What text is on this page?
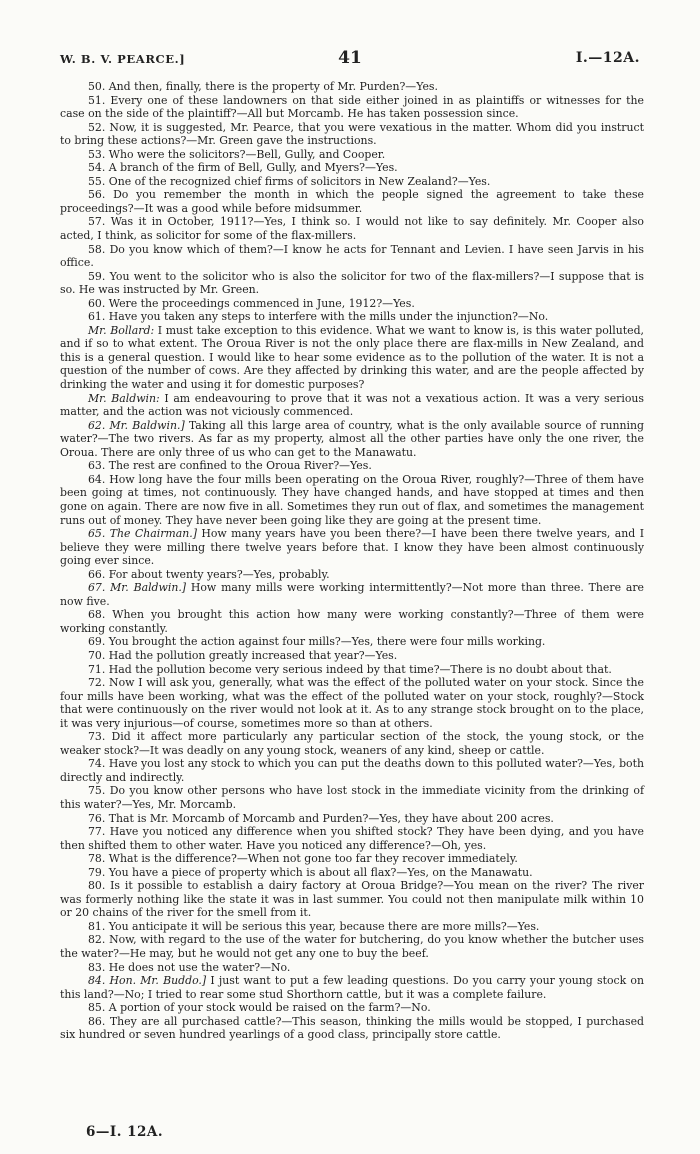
W. B. V. PEARCE.]	41	I.—12A.

50. And then, finally, there is the property of Mr. Purden?—Yes.

51. Every one of these landowners on that side either joined in as plaintiffs or witnesses for the case on the side of the plaintiff?—All but Morcamb. He has taken possession since.

52. Now, it is suggested, Mr. Pearce, that you were vexatious in the matter. Whom did you instruct to bring these actions?—Mr. Green gave the instructions.

53. Who were the solicitors?—Bell, Gully, and Cooper.

54. A branch of the firm of Bell, Gully, and Myers?—Yes.

55. One of the recognized chief firms of solicitors in New Zealand?—Yes.

56. Do you remember the month in which the people signed the agreement to take these proceedings?—It was a good while before midsummer.

57. Was it in October, 1911?—Yes, I think so. I would not like to say definitely. Mr. Cooper also acted, I think, as solicitor for some of the flax-millers.

58. Do you know which of them?—I know he acts for Tennant and Levien. I have seen Jarvis in his office.

59. You went to the solicitor who is also the solicitor for two of the flax-millers?—I suppose that is so. He was instructed by Mr. Green.

60. Were the proceedings commenced in June, 1912?—Yes.

61. Have you taken any steps to interfere with the mills under the injunction?—No.

Mr. Bollard: I must take exception to this evidence. What we want to know is, is this water polluted, and if so to what extent. The Oroua River is not the only place there are flax-mills in New Zealand, and this is a general question. I would like to hear some evidence as to the pollution of the water. It is not a question of the number of cows. Are they affected by drinking this water, and are the people affected by drinking the water and using it for domestic purposes?

Mr. Baldwin: I am endeavouring to prove that it was not a vexatious action. It was a very serious matter, and the action was not viciously commenced.

62. Mr. Baldwin.] Taking all this large area of country, what is the only available source of running water?—The two rivers. As far as my property, almost all the other parties have only the one river, the Oroua. There are only three of us who can get to the Manawatu.

63. The rest are confined to the Oroua River?—Yes.

64. How long have the four mills been operating on the Oroua River, roughly?—Three of them have been going at times, not continuously. They have changed hands, and have stopped at times and then gone on again. There are now five in all. Sometimes they run out of flax, and sometimes the management runs out of money. They have never been going like they are going at the present time.

65. The Chairman.] How many years have you been there?—I have been there twelve years, and I believe they were milling there twelve years before that. I know they have been almost continuously going ever since.

66. For about twenty years?—Yes, probably.

67. Mr. Baldwin.] How many mills were working intermittently?—Not more than three. There are now five.

68. When you brought this action how many were working constantly?—Three of them were working constantly.

69. You brought the action against four mills?—Yes, there were four mills working.

70. Had the pollution greatly increased that year?—Yes.

71. Had the pollution become very serious indeed by that time?—There is no doubt about that.

72. Now I will ask you, generally, what was the effect of the polluted water on your stock. Since the four mills have been working, what was the effect of the polluted water on your stock, roughly?—Stock that were continuously on the river would not look at it. As to any strange stock brought on to the place, it was very injurious—of course, sometimes more so than at others.

73. Did it affect more particularly any particular section of the stock, the young stock, or the weaker stock?—It was deadly on any young stock, weaners of any kind, sheep or cattle.

74. Have you lost any stock to which you can put the deaths down to this polluted water?—Yes, both directly and indirectly.

75. Do you know other persons who have lost stock in the immediate vicinity from the drinking of this water?—Yes, Mr. Morcamb.

76. That is Mr. Morcamb of Morcamb and Purden?—Yes, they have about 200 acres.

77. Have you noticed any difference when you shifted stock? They have been dying, and you have then shifted them to other water. Have you noticed any difference?—Oh, yes.

78. What is the difference?—When not gone too far they recover immediately.

79. You have a piece of property which is about all flax?—Yes, on the Manawatu.

80. Is it possible to establish a dairy factory at Oroua Bridge?—You mean on the river? The river was formerly nothing like the state it was in last summer. You could not then manipulate milk within 10 or 20 chains of the river for the smell from it.

81. You anticipate it will be serious this year, because there are more mills?—Yes.

82. Now, with regard to the use of the water for butchering, do you know whether the butcher uses the water?—He may, but he would not get any one to buy the beef.

83. He does not use the water?—No.

84. Hon. Mr. Buddo.] I just want to put a few leading questions. Do you carry your young stock on this land?—No; I tried to rear some stud Shorthorn cattle, but it was a complete failure.

85. A portion of your stock would be raised on the farm?—No.

86. They are all purchased cattle?—This season, thinking the mills would be stopped, I purchased six hundred or seven hundred yearlings of a good class, principally store cattle.

6—I. 12A.
